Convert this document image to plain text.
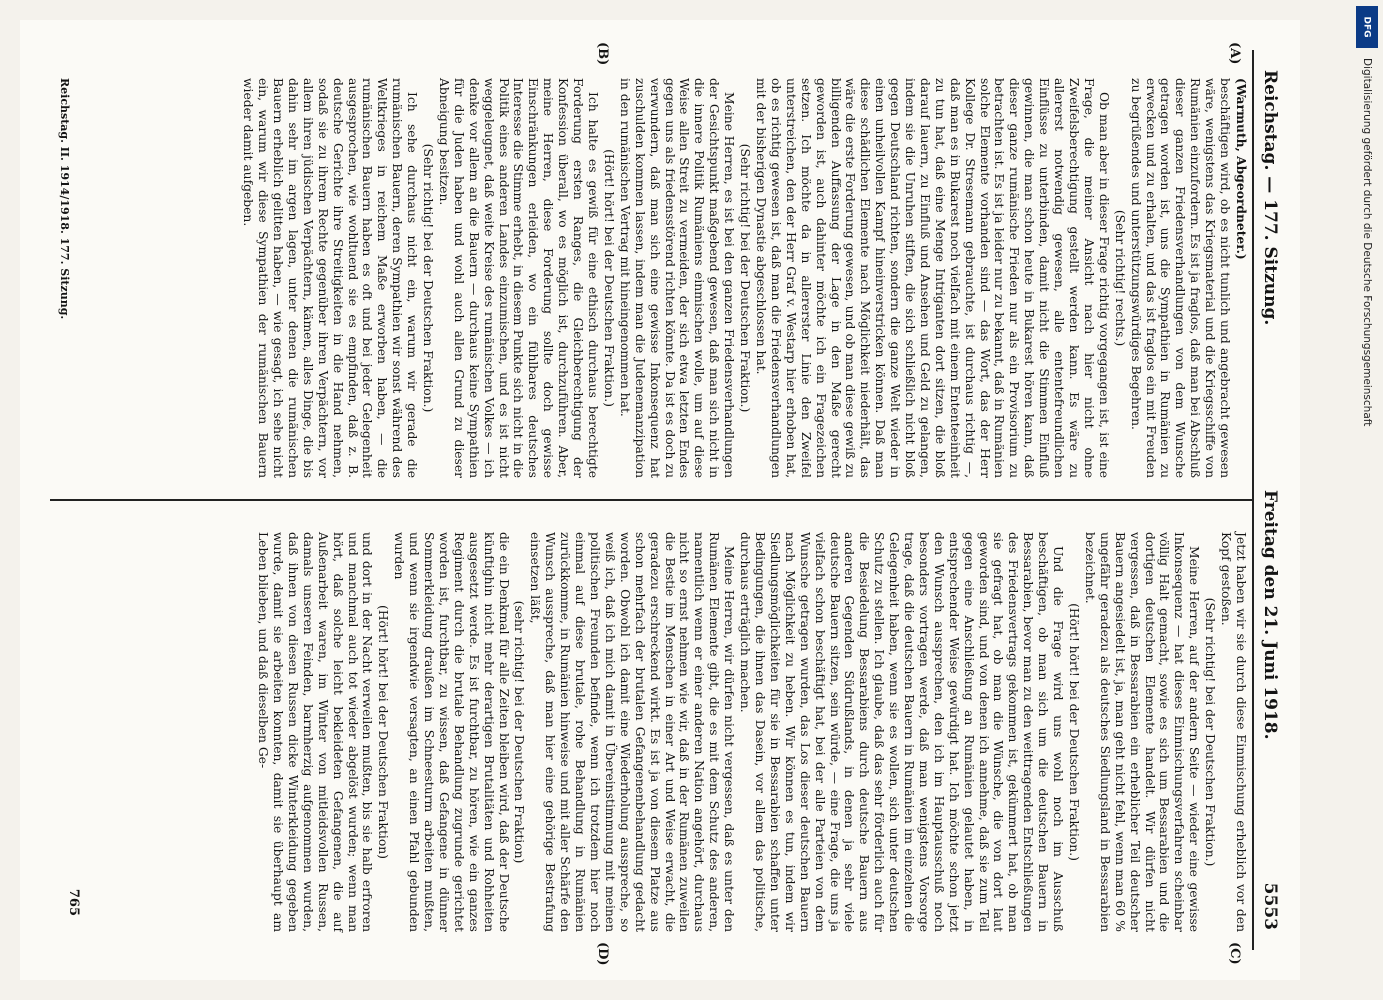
Reichstag. — 177. Sitzung.
Freitag den 21. Juni 1918.
5553
(A)
(B)
(C)
(D)

(Warmuth, Abgeordneter.)

beschäftigen wird, ob es nicht tunlich und angebracht gewesen wäre, wenigstens das Kriegsmaterial und die Kriegsschiffe von Rumänien einzufordern. Es ist ja fraglos, daß man bei Abschluß dieser ganzen Friedensverhandlungen von dem Wunsche getragen worden ist, uns die Sympathien in Rumänien zu erwecken und zu erhalten, und das ist fraglos ein mit Freuden zu begrüßendes und unterstützungswürdiges Begehren.

(Sehr richtig! rechts.)

Ob man aber in dieser Frage richtig vorgegangen ist, ist eine Frage, die meiner Ansicht nach hier nicht ohne Zweifelsberechtigung gestellt werden kann. Es wäre zu allererst notwendig gewesen, alle ententefreundlichen Einflüsse zu unterbinden, damit nicht die Stimmen Einfluß gewinnen, die man schon heute in Bukarest hören kann, daß dieser ganze rumänische Frieden nur als ein Provisorium zu betrachten ist. Es ist ja leider nur zu bekannt, daß in Rumänien solche Elemente vorhanden sind — das Wort, das der Herr Kollege Dr. Stresemann gebrauchte, ist durchaus richtig —, daß man es in Bukarest noch vielfach mit einem Ententeeinheit zu tun hat, daß eine Menge Intriganten dort sitzen, die bloß darauf lauern, zu Einfluß und Ansehen und Geld zu gelangen, indem sie die Unruhen stiften, die sich schließlich nicht bloß gegen Deutschland richten, sondern die ganze Welt wieder in einen unheilvollen Kampf hineinverstricken können. Daß man diese schädlichen Elemente nach Möglichkeit niederhält, das wäre die erste Forderung gewesen, und ob man diese gewiß zu billigenden Auffassung der Lage in den Maße gerecht geworden ist, auch dahinter möchte ich ein Fragezeichen setzen. Ich möchte da in allererster Linie den Zweifel unterstreichen, den der Herr Graf v. Westarp hier erhoben hat, ob es richtig gewesen ist, daß man die Friedensverhandlungen mit der bisherigen Dynastie abgeschlossen hat.

(Sehr richtig! bei der Deutschen Fraktion.)

Meine Herren, es ist bei den ganzen Friedensverhandlungen der Gesichtspunkt maßgebend gewesen, daß man sich nicht in die innere Politik Rumäniens einmischen wolle, um auf diese Weise allen Streit zu vermeiden, der sich etwa letzten Endes gegen uns als friedensstörend richten könnte. Da ist es doch zu verwundern, daß man sich eine gewisse Inkonsequenz hat zuschulden kommen lassen, indem man die Judenemanzipation in den rumänischen Vertrag mit hineingenommen hat.

(Hört! hört! bei der Deutschen Fraktion.)

Ich halte es gewiß für eine ethisch durchaus berechtigte Forderung ersten Ranges, die Gleichberechtigung der Konfession überall, wo es möglich ist, durchzuführen. Aber, meine Herren, diese Forderung sollte doch gewisse Einschränkungen erleiden, wo ein fühlbares deutsches Interesse die Stimme erhebt, in diesem Punkte sich nicht in die Politik eines anderen Landes einzumischen, und es ist nicht weggeleugnet, daß weite Kreise des rumänischen Volkes — ich denke vor allem an die Bauern — durchaus keine Sympathien für die Juden haben und wohl auch allen Grund zu dieser Abneigung besitzen.

(Sehr richtig! bei der Deutschen Fraktion.)

Ich sehe durchaus nicht ein, warum wir gerade die rumänischen Bauern, deren Sympathien wir sonst während des Weltkrieges in reichem Maße erworben haben, — die rumänischen Bauern haben es oft und bei jeder Gelegenheit ausgesprochen, wie wohltuend sie es empfinden, daß z. B. deutsche Gerichte ihre Streitigkeiten in die Hand nehmen, sodaß sie zu ihrem Rechte gegenüber ihren Verpächtern, vor allem ihren jüdischen Verpächtern, kämen, alles Dinge, die bis dahin sehr im argen lagen, unter denen die rumänischen Bauern erheblich gelitten haben, — wie gesagt, ich sehe nicht ein, warum wir diese Sympathien der rumänischen Bauern wieder damit aufgeben.

Jetzt haben wir sie durch diese Einmischung erheblich vor den Kopf gestoßen.

(Sehr richtig! bei der Deutschen Fraktion.)

Meine Herren, auf der andern Seite — wieder eine gewisse Inkonsequenz — hat dieses Einmischungsverfahren scheinbar völlig Halt gemacht, sowie es sich um Bessarabien und die dortigen deutschen Elemente handelt. Wir dürfen nicht vergessen, daß in Bessarabien ein erheblicher Teil deutscher Bauern angesiedelt ist, ja, man geht nicht fehl, wenn man 60 % ungefähr geradezu als deutsches Siedlungsland in Bessarabien bezeichnet.

(Hört! hört! bei der Deutschen Fraktion.)

Und die Frage wird uns wohl noch im Ausschuß beschäftigen, ob man sich um die deutschen Bauern in Bessarabien, bevor man zu den weittragenden Entschließungen des Friedensvertrags gekommen ist, gekümmert hat, ob man sie gefragt hat, ob man die Wünsche, die von dort laut geworden sind, und von denen ich annehme, daß sie zum Teil gegen eine Anschließung an Rumänien gelautet haben, in entsprechender Weise gewürdigt hat. Ich möchte schon jetzt den Wunsch aussprechen, den ich im Hauptausschuß noch besonders vortragen werde, daß man wenigstens Vorsorge trage, daß die deutschen Bauern in Rumänien im einzelnen die Gelegenheit haben, wenn sie es wollen, sich unter deutschen Schutz zu stellen. Ich glaube, daß das sehr förderlich auch für die Besiedelung Bessarabiens durch deutsche Bauern aus anderen Gegenden Südrußlands, in denen ja sehr viele deutsche Bauern sitzen, sein würde, — eine Frage, die uns ja vielfach schon beschäftigt hat, bei der alle Parteien von dem Wunsche getragen wurden, das Los dieser deutschen Bauern nach Möglichkeit zu heben. Wir können es tun, indem wir Siedlungsmöglichkeiten für sie in Bessarabien schaffen unter Bedingungen, die ihnen das Dasein, vor allem das politische, durchaus erträglich machen.

Meine Herren, wir dürfen nicht vergessen, daß es unter den Rumänen Elemente gibt, die es mit dem Schutz des anderen, namentlich wenn er einer anderen Nation angehört, durchaus nicht so ernst nehmen wie wir, daß in der Rumänen zuweilen die Bestie im Menschen in einer Art und Weise erwacht, die geradezu erschreckend wirkt. Es ist ja von diesem Platze aus schon mehrfach der brutalen Gefangenenbehandlung gedacht worden. Obwohl ich damit eine Wiederholung ausspreche, so weiß ich, daß ich mich damit in Übereinstimmung mit meinen politischen Freunden befinde, wenn ich trotzdem hier noch einmal auf diese brutale, rohe Behandlung in Rumänien zurückkomme, in Rumänien hinweise und mit aller Schärfe den Wunsch ausspreche, daß man hier eine gehörige Bestrafung einsetzen läßt,

(sehr richtig! bei der Deutschen Fraktion)

die ein Denkmal für alle Zeiten bleiben wird, daß der Deutsche künftighin nicht mehr derartigen Brutalitäten und Rohheiten ausgesetzt werde. Es ist furchtbar, zu hören, wie ein ganzes Regiment durch die brutale Behandlung zugrunde gerichtet worden ist, furchtbar, zu wissen, daß Gefangene in dünner Sommerkleidung draußen im Schneesturm arbeiten mußten, und wenn sie irgendwie versagten, an einen Pfahl gebunden wurden

(Hört! hört! bei der Deutschen Fraktion)

und dort in der Nacht verweilen mußten, bis sie halb erfroren und manchmal auch tot wieder abgelöst wurden; wenn man hört, daß solche leicht bekleideten Gefangenen, die auf Außenarbeit waren, im Winter von mitleidsvollen Russen, damals unseren Feinden, barmherzig aufgenommen wurden, daß ihnen von diesen Russen dicke Winterkleidung gegeben wurde, damit sie arbeiten konnten, damit sie überhaupt am Leben blieben, und daß dieselben Ge-

Reichstag. II. 1914/1918. 177. Sitzung.
765
DFG
Digitalisierung gefördert durch die Deutsche Forschungsgemeinschaft
